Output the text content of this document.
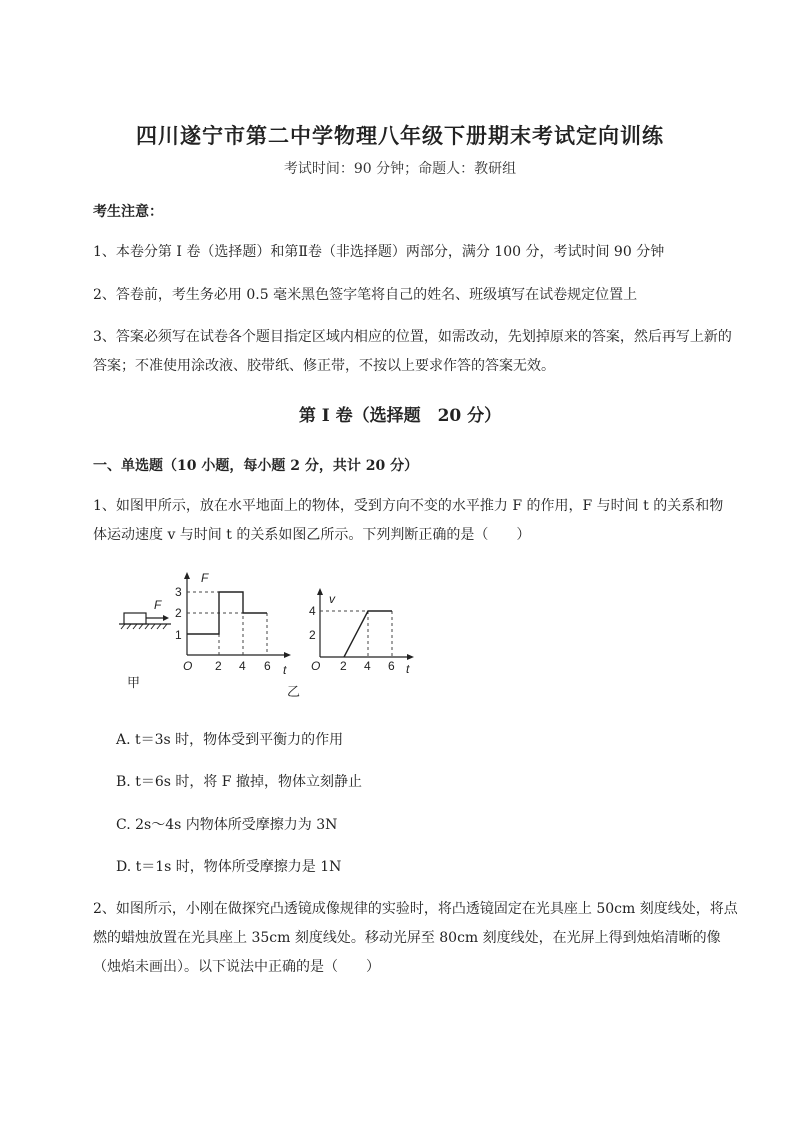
四川遂宁市第二中学物理八年级下册期末考试定向训练
考试时间：90 分钟；命题人：教研组
考生注意：
1、本卷分第 I 卷（选择题）和第Ⅱ卷（非选择题）两部分，满分 100 分，考试时间 90 分钟
2、答卷前，考生务必用 0.5 毫米黑色签字笔将自己的姓名、班级填写在试卷规定位置上
3、答案必须写在试卷各个题目指定区域内相应的位置，如需改动，先划掉原来的答案，然后再写上新的答案；不准使用涂改液、胶带纸、修正带，不按以上要求作答的答案无效。
第 I 卷（选择题　20 分）
一、单选题（10 小题，每小题 2 分，共计 20 分）
1、如图甲所示，放在水平地面上的物体，受到方向不变的水平推力 F 的作用，F 与时间 t 的关系和物体运动速度 v 与时间 t 的关系如图乙所示。下列判断正确的是（　　）
F
甲
F
O	t
1
2
3
2 4 6
v
O	t
2
4
2 4 6
乙
A. t＝3s 时，物体受到平衡力的作用
B. t＝6s 时，将 F 撤掉，物体立刻静止
C. 2s～4s 内物体所受摩擦力为 3N
D. t＝1s 时，物体所受摩擦力是 1N
2、如图所示，小刚在做探究凸透镜成像规律的实验时，将凸透镜固定在光具座上 50cm 刻度线处，将点燃的蜡烛放置在光具座上 35cm 刻度线处。移动光屏至 80cm 刻度线处，在光屏上得到烛焰清晰的像（烛焰未画出）。以下说法中正确的是（　　）
